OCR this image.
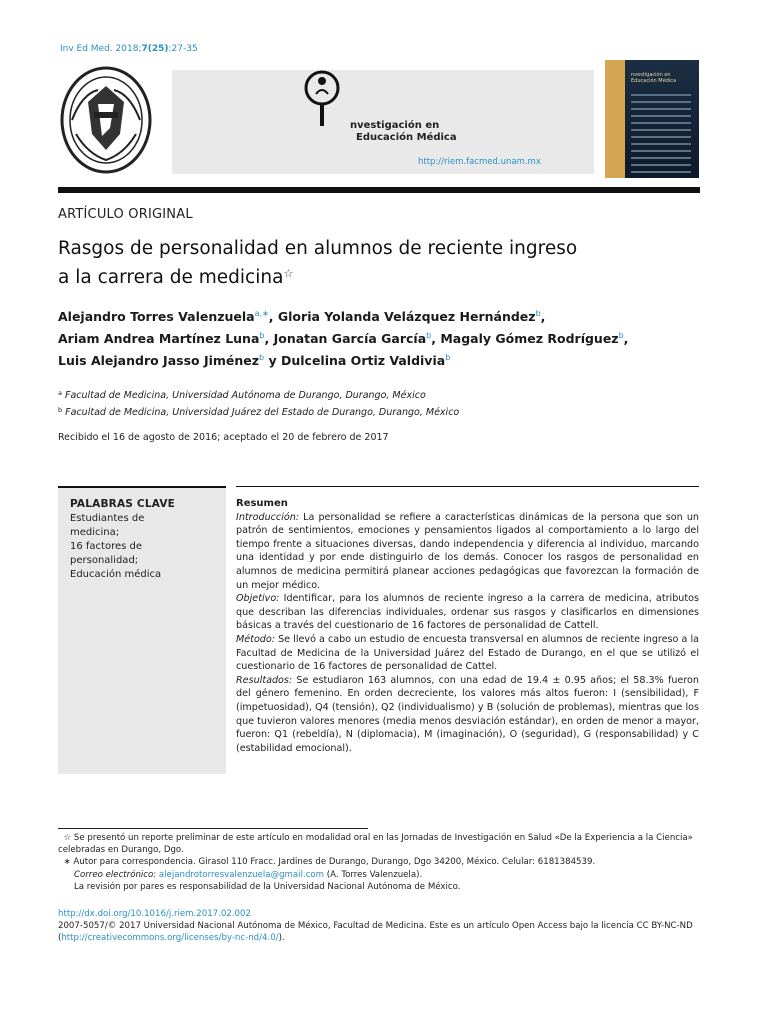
Inv Ed Med. 2018;7(25):27-35
nvestigación en
Educación Médica
http://riem.facmed.unam.mx
nvestigación en
Educación Médica
ARTÍCULO ORIGINAL
Rasgos de personalidad en alumnos de reciente ingreso
a la carrera de medicina☆
Alejandro Torres Valenzuela$^{a,∗}$, Gloria Yolanda Velázquez Hernández$^b$,
Ariam Andrea Martínez Luna$^b$, Jonatan García García$^b$, Magaly Gómez Rodríguez$^b$,
Luis Alejandro Jasso Jiménez$^b$ y Dulcelina Ortiz Valdivia$^b$
$^a$ Facultad de Medicina, Universidad Autónoma de Durango, Durango, México
$^b$ Facultad de Medicina, Universidad Juárez del Estado de Durango, Durango, México
Recibido el 16 de agosto de 2016; aceptado el 20 de febrero de 2017
PALABRAS CLAVE
Estudiantes de
medicina;
16 factores de
personalidad;
Educación médica
Resumen

Introducción: La personalidad se refiere a características dinámicas de la persona que son un patrón de sentimientos, emociones y pensamientos ligados al comportamiento a lo largo del tiempo frente a situaciones diversas, dando independencia y diferencia al individuo, marcando una identidad y por ende distinguirlo de los demás. Conocer los rasgos de personalidad en alumnos de medicina permitirá planear acciones pedagógicas que favorezcan la formación de un mejor médico.

Objetivo: Identificar, para los alumnos de reciente ingreso a la carrera de medicina, atributos que describan las diferencias individuales, ordenar sus rasgos y clasificarlos en dimensiones básicas a través del cuestionario de 16 factores de personalidad de Cattell.

Método: Se llevó a cabo un estudio de encuesta transversal en alumnos de reciente ingreso a la Facultad de Medicina de la Universidad Juárez del Estado de Durango, en el que se utilizó el cuestionario de 16 factores de personalidad de Cattel.

Resultados: Se estudiaron 163 alumnos, con una edad de 19.4 ± 0.95 años; el 58.3% fueron del género femenino. En orden decreciente, los valores más altos fueron: I (sensibilidad), F (impetuosidad), Q4 (tensión), Q2 (individualismo) y B (solución de problemas), mientras que los que tuvieron valores menores (media menos desviación estándar), en orden de menor a mayor, fueron: Q1 (rebeldía), N (diplomacia), M (imaginación), O (seguridad), G (responsabilidad) y C (estabilidad emocional).

☆ Se presentó un reporte preliminar de este artículo en modalidad oral en las Jornadas de Investigación en Salud «De la Experiencia a la Ciencia» celebradas en Durango, Dgo.

∗ Autor para correspondencia. Girasol 110 Fracc. Jardines de Durango, Durango, Dgo 34200, México. Celular: 6181384539.

Correo electrónico: alejandrotorresvalenzuela@gmail.com (A. Torres Valenzuela).

La revisión por pares es responsabilidad de la Universidad Nacional Autónoma de México.

http://dx.doi.org/10.1016/j.riem.2017.02.002

2007-5057/© 2017 Universidad Nacional Autónoma de México, Facultad de Medicina. Este es un artículo Open Access bajo la licencia CC BY-NC-ND (http://creativecommons.org/licenses/by-nc-nd/4.0/).
